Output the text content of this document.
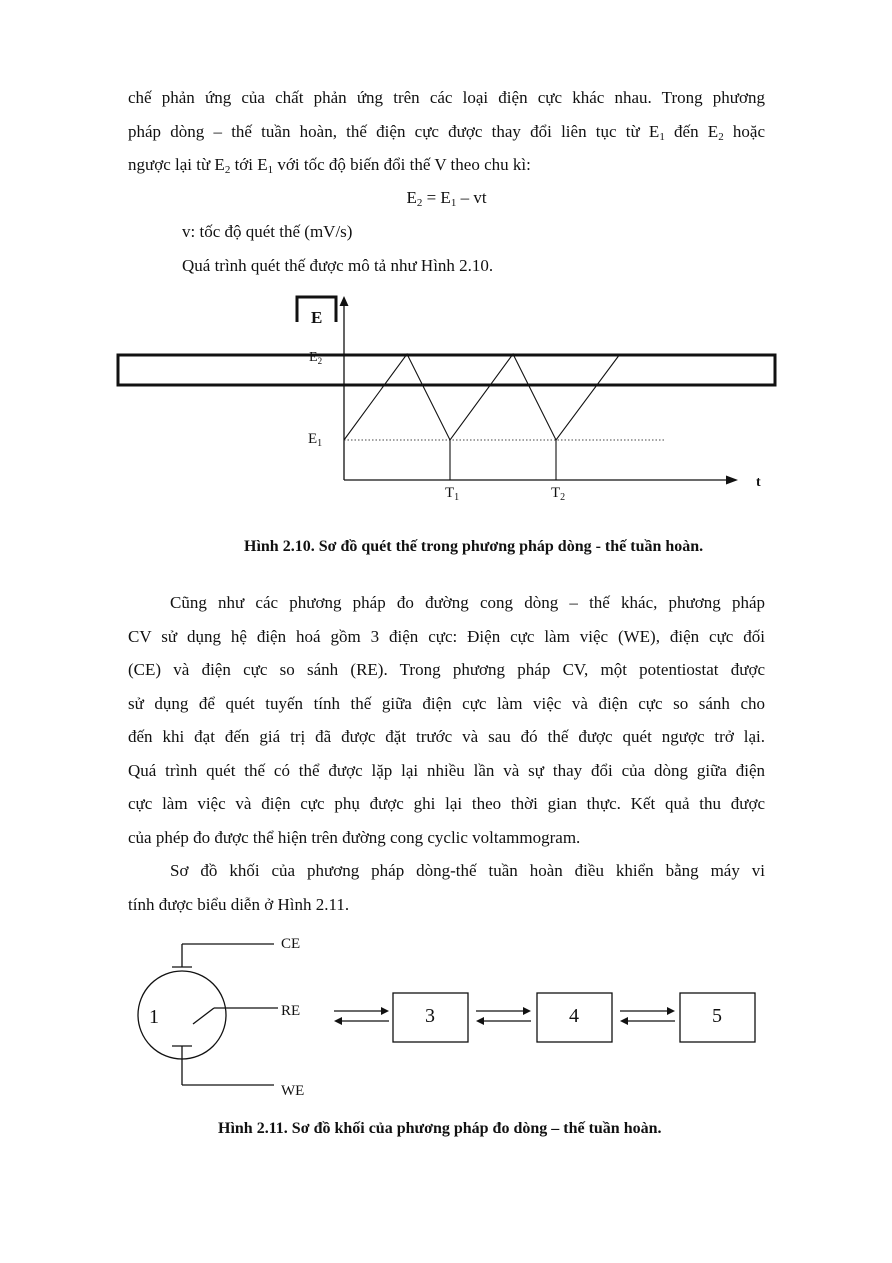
chế phản ứng của chất phản ứng trên các loại điện cực khác nhau. Trong phương
pháp dòng – thế tuần hoàn, thế điện cực được thay đổi liên tục từ $E_1$ đến $E_2$ hoặc
ngược lại từ $E_2$ tới $E_1$ với tốc độ biến đổi thế V theo chu kì:
$E_2 = E_1$ – vt
v: tốc độ quét thế (mV/s)
Quá trình quét thế được mô tả như Hình 2.10.
E
t
$E_2$
$E_1$
$T_1$	$T_2$
Hình 2.10. Sơ đồ quét thế trong phương pháp dòng - thế tuần hoàn.
Cũng như các phương pháp đo đường cong dòng – thế khác, phương pháp
CV sử dụng hệ điện hoá gồm 3 điện cực: Điện cực làm việc (WE), điện cực đối
(CE) và điện cực so sánh (RE). Trong phương pháp CV, một potentiostat được
sử dụng để quét tuyến tính thế giữa điện cực làm việc và điện cực so sánh cho
đến khi đạt đến giá trị đã được đặt trước và sau đó thế được quét ngược trở lại.
Quá trình quét thế có thể được lặp lại nhiều lần và sự thay đổi của dòng giữa điện
cực làm việc và điện cực phụ được ghi lại theo thời gian thực. Kết quả thu được
của phép đo được thể hiện trên đường cong cyclic voltammogram.
Sơ đồ khối của phương pháp dòng-thế tuần hoàn điều khiển bằng máy vi
tính được biểu diễn ở Hình 2.11.
1
CE
RE
WE
3	4	5
Hình 2.11. Sơ đồ khối của phương pháp đo dòng – thế tuần hoàn.
